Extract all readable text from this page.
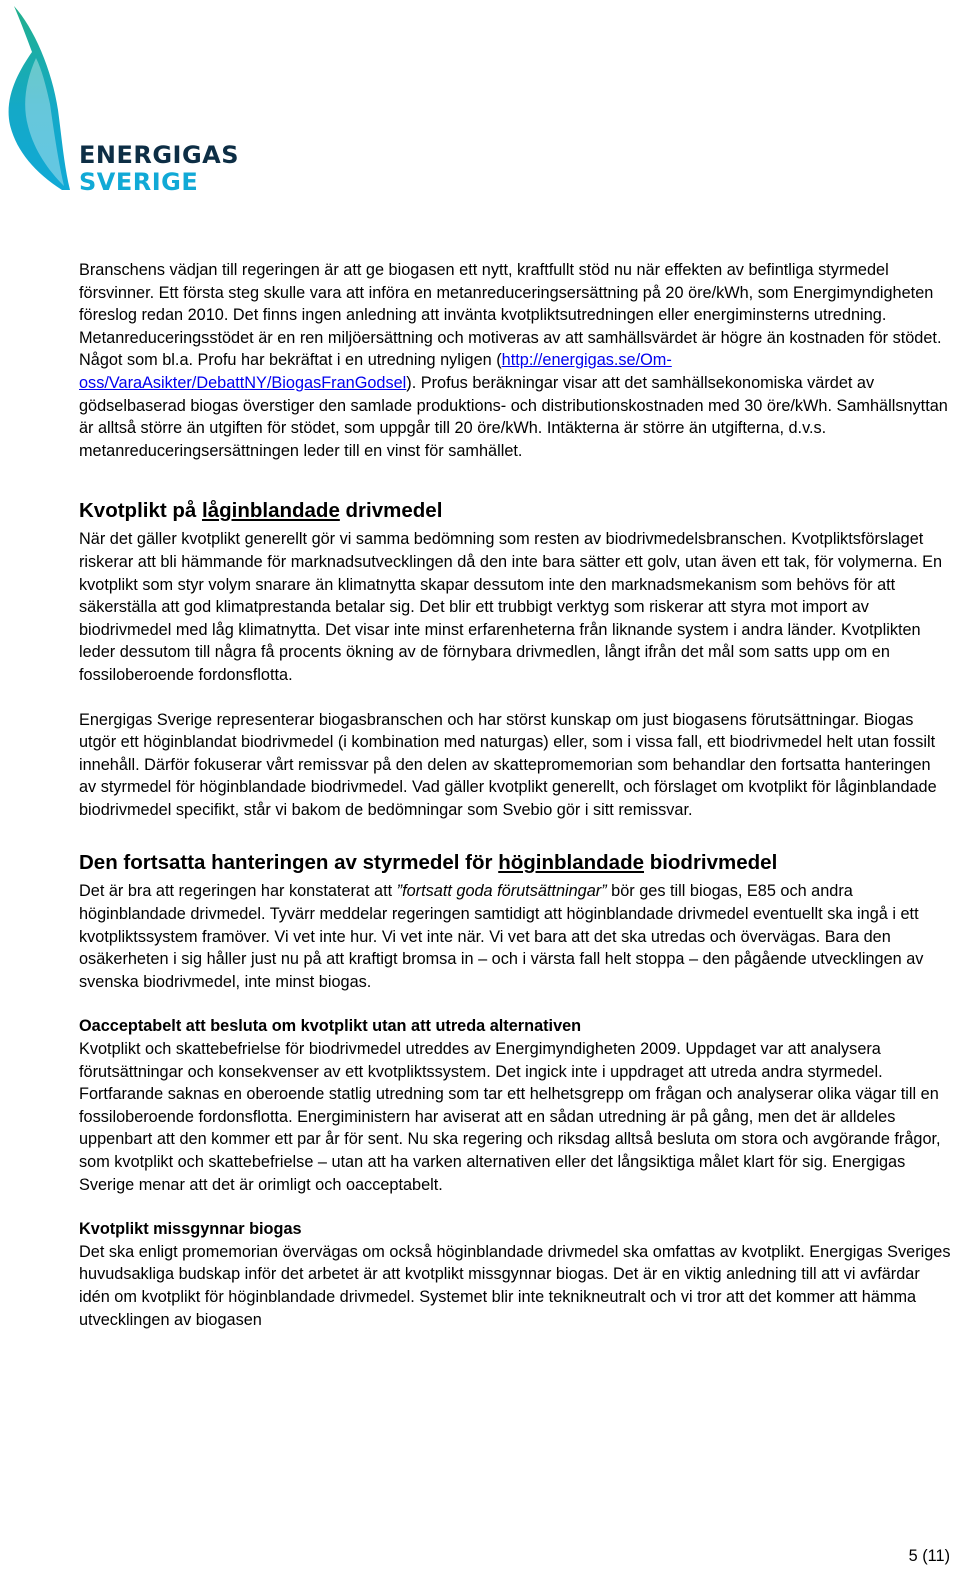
ENERGIGAS
SVERIGE

Branschens vädjan till regeringen är att ge biogasen ett nytt, kraftfullt stöd nu när effekten av befintliga styrmedel försvinner. Ett första steg skulle vara att införa en metanreduceringsersättning på 20 öre/kWh, som Energimyndigheten föreslog redan 2010. Det finns ingen anledning att invänta kvotpliktsutredningen eller energiminsterns utredning. Metanreduceringsstödet är en ren miljöersättning och motiveras av att samhällsvärdet är högre än kostnaden för stödet. Något som bl.a. Profu har bekräftat i en utredning nyligen (http://energigas.se/Om-oss/VaraAsikter/DebattNY/BiogasFranGodsel). Profus beräkningar visar att det samhällsekonomiska värdet av gödselbaserad biogas överstiger den samlade produktions- och distributionskostnaden med 30 öre/kWh. Samhällsnyttan är alltså större än utgiften för stödet, som uppgår till 20 öre/kWh. Intäkterna är större än utgifterna, d.v.s. metanreduceringsersättningen leder till en vinst för samhället.

Kvotplikt på låginblandade drivmedel

När det gäller kvotplikt generellt gör vi samma bedömning som resten av biodrivmedelsbranschen. Kvotpliktsförslaget riskerar att bli hämmande för marknadsutvecklingen då den inte bara sätter ett golv, utan även ett tak, för volymerna. En kvotplikt som styr volym snarare än klimatnytta skapar dessutom inte den marknadsmekanism som behövs för att säkerställa att god klimatprestanda betalar sig. Det blir ett trubbigt verktyg som riskerar att styra mot import av biodrivmedel med låg klimatnytta. Det visar inte minst erfarenheterna från liknande system i andra länder. Kvotplikten leder dessutom till några få procents ökning av de förnybara drivmedlen, långt ifrån det mål som satts upp om en fossiloberoende fordonsflotta.

Energigas Sverige representerar biogasbranschen och har störst kunskap om just biogasens förutsättningar. Biogas utgör ett höginblandat biodrivmedel (i kombination med naturgas) eller, som i vissa fall, ett biodrivmedel helt utan fossilt innehåll. Därför fokuserar vårt remissvar på den delen av skattepromemorian som behandlar den fortsatta hanteringen av styrmedel för höginblandade biodrivmedel. Vad gäller kvotplikt generellt, och förslaget om kvotplikt för låginblandade biodrivmedel specifikt, står vi bakom de bedömningar som Svebio gör i sitt remissvar.

Den fortsatta hanteringen av styrmedel för höginblandade biodrivmedel

Det är bra att regeringen har konstaterat att ”fortsatt goda förutsättningar” bör ges till biogas, E85 och andra höginblandade drivmedel. Tyvärr meddelar regeringen samtidigt att höginblandade drivmedel eventuellt ska ingå i ett kvotpliktssystem framöver. Vi vet inte hur. Vi vet inte när. Vi vet bara att det ska utredas och övervägas. Bara den osäkerheten i sig håller just nu på att kraftigt bromsa in – och i värsta fall helt stoppa – den pågående utvecklingen av svenska biodrivmedel, inte minst biogas.

Oacceptabelt att besluta om kvotplikt utan att utreda alternativen

Kvotplikt och skattebefrielse för biodrivmedel utreddes av Energimyndigheten 2009. Uppdaget var att analysera förutsättningar och konsekvenser av ett kvotpliktssystem. Det ingick inte i uppdraget att utreda andra styrmedel. Fortfarande saknas en oberoende statlig utredning som tar ett helhetsgrepp om frågan och analyserar olika vägar till en fossiloberoende fordonsflotta. Energiministern har aviserat att en sådan utredning är på gång, men det är alldeles uppenbart att den kommer ett par år för sent. Nu ska regering och riksdag alltså besluta om stora och avgörande frågor, som kvotplikt och skattebefrielse – utan att ha varken alternativen eller det långsiktiga målet klart för sig. Energigas Sverige menar att det är orimligt och oacceptabelt.

Kvotplikt missgynnar biogas

Det ska enligt promemorian övervägas om också höginblandade drivmedel ska omfattas av kvotplikt. Energigas Sveriges huvudsakliga budskap inför det arbetet är att kvotplikt missgynnar biogas. Det är en viktig anledning till att vi avfärdar idén om kvotplikt för höginblandade drivmedel. Systemet blir inte teknikneutralt och vi tror att det kommer att hämma utvecklingen av biogasen

5 (11)
